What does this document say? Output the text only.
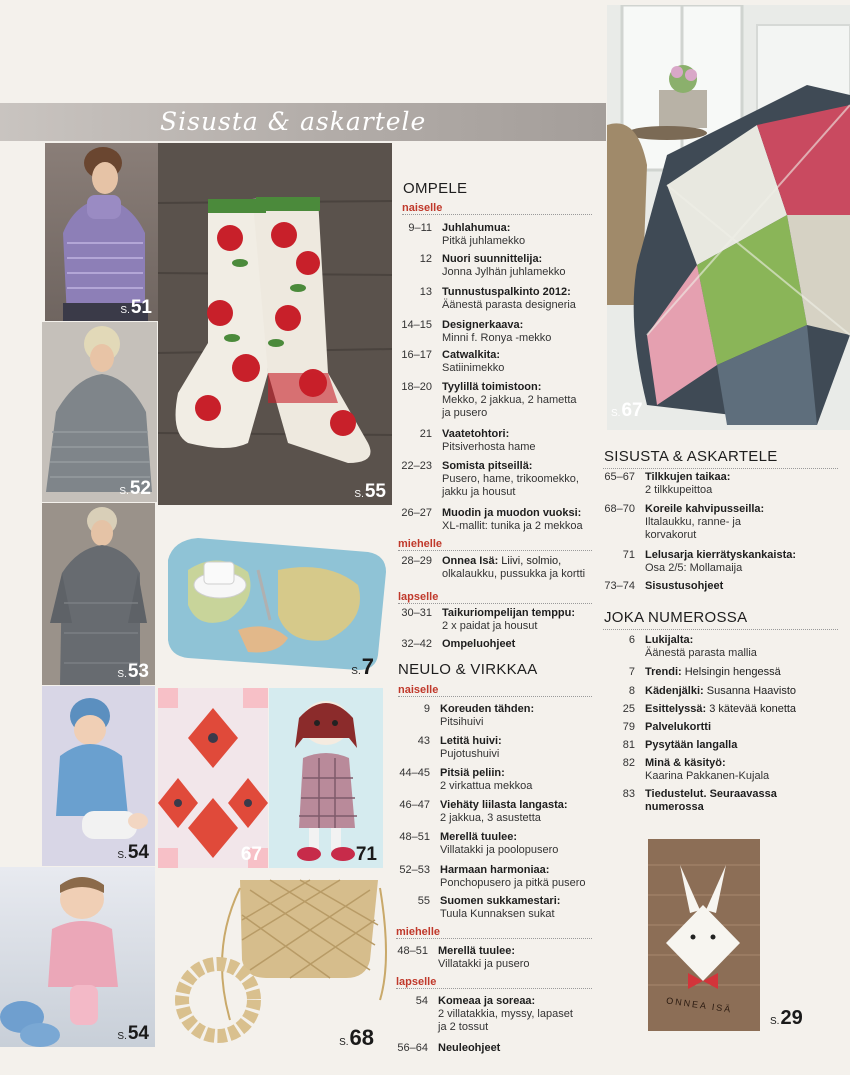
Sisusta & askartele
S.51
S.52
S.53
S.54
S.54
S.55
S.7
67	71
S.68
S.67
ONNEA ISÄ
S.29
OMPELE
naiselle
9–11 Juhlahumua:
Pitkä juhlamekko
12 Nuori suunnittelija:
Jonna Jylhän juhlamekko
13 Tunnustuspalkinto 2012:
Äänestä parasta designeria
14–15 Designerkaava:
Minni f. Ronya -mekko
16–17 Catwalkita:
Satiinimekko
18–20 Tyylillä toimistoon:
Mekko, 2 jakkua, 2 hametta
ja pusero
21 Vaatetohtori:
Pitsiverhosta hame
22–23 Somista pitseillä:
Pusero, hame, trikoomekko,
jakku ja housut
26–27 Muodin ja muodon vuoksi:
XL-mallit: tunika ja 2 mekkoa
miehelle
28–29 Onnea Isä: Liivi, solmio,
olkalaukku, pussukka ja kortti
lapselle
30–31 Taikuriompelijan temppu:
2 x paidat ja housut
32–42 Ompeluohjeet
NEULO & VIRKKAA
naiselle
9 Koreuden tähden:
Pitsihuivi
43 Letitä huivi:
Pujotushuivi
44–45 Pitsiä peliin:
2 virkattua mekkoa
46–47 Viehäty liilasta langasta:
2 jakkua, 3 asustetta
48–51 Merellä tuulee:
Villatakki ja poolopusero
52–53 Harmaan harmoniaa:
Ponchopusero ja pitkä pusero
55 Suomen sukkamestari:
Tuula Kunnaksen sukat
miehelle
48–51 Merellä tuulee:
Villatakki ja pusero
lapselle
54 Komeaa ja soreaa:
2 villatakkia, myssy, lapaset
ja 2 tossut
56–64 Neuleohjeet
SISUSTA & ASKARTELE
65–67 Tilkkujen taikaa:
2 tilkkupeittoa
68–70 Koreile kahvipusseilla:
Iltalaukku, ranne- ja
korvakorut
71 Lelusarja kierrätyskankaista:
Osa 2/5: Mollamaija
73–74 Sisustusohjeet
JOKA NUMEROSSA
6 Lukijalta:
Äänestä parasta mallia
7 Trendi: Helsingin hengessä
8 Kädenjälki: Susanna Haavisto
25 Esittelyssä: 3 kätevää konetta
79 Palvelukortti
81 Pysytään langalla
82 Minä & käsityö:
Kaarina Pakkanen-Kujala
83 Tiedustelut. Seuraavassa
numerossa
